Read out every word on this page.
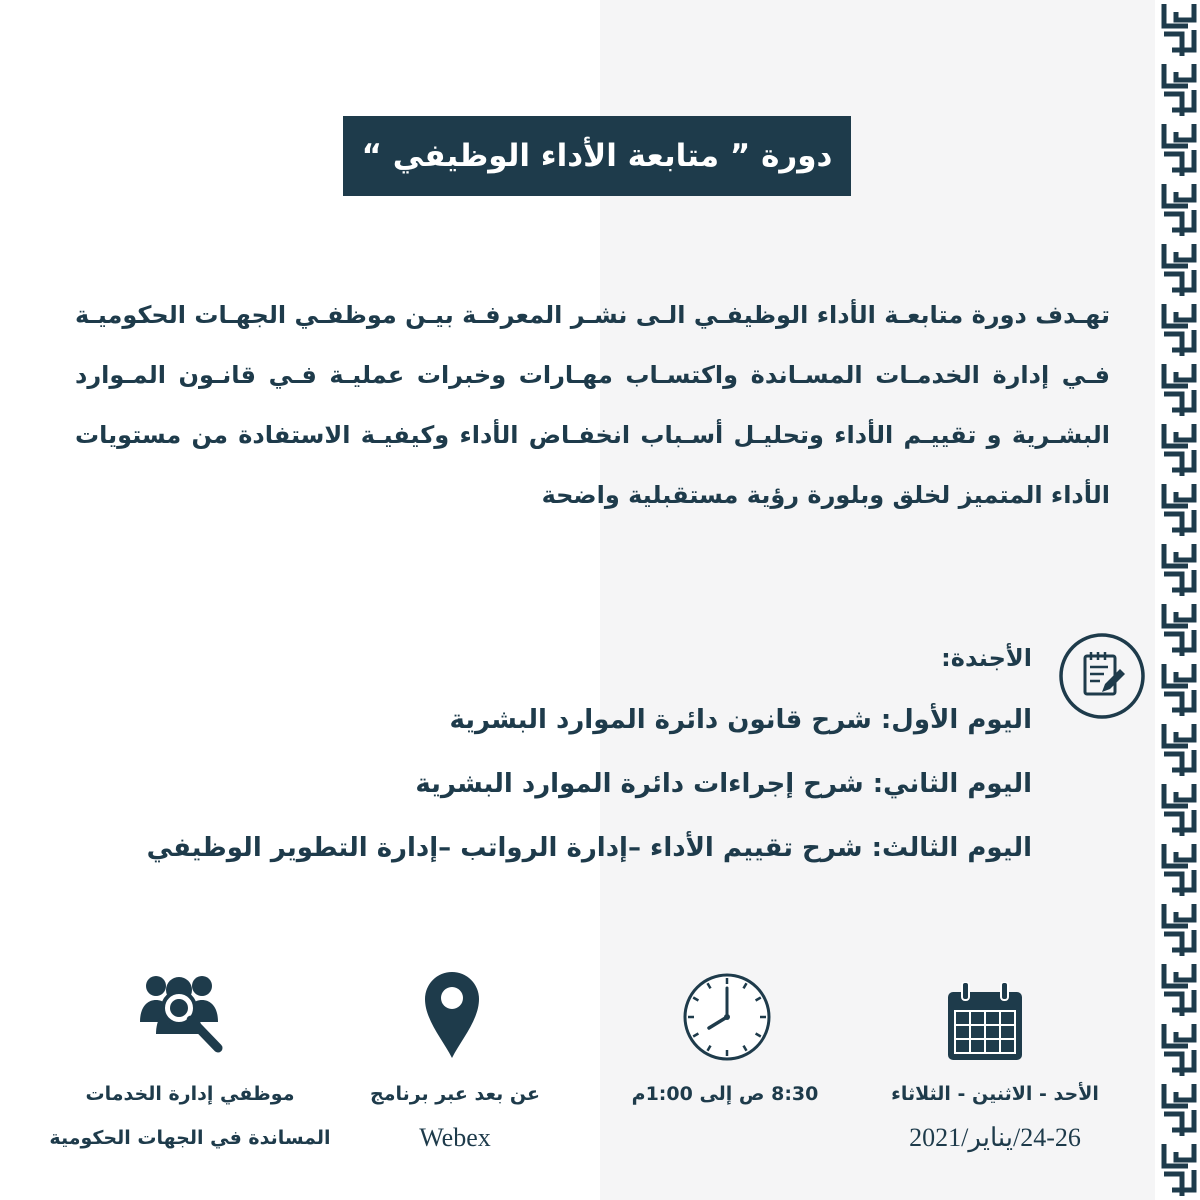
دورة ” متابعة الأداء الوظيفي “

تهـدف دورة متابعـة الأداء الوظيفـي الـى نشـر المعرفـة بيـن موظفـي الجهـات الحكوميـة فـي إدارة الخدمـات المسـاندة واكتسـاب مهـارات وخبرات عمليـة فـي قانـون المـوارد البشـرية و تقييـم الأداء وتحليـل أسـباب انخفـاض الأداء وكيفيـة الاستفادة من مستويات الأداء المتميز لخلق وبلورة رؤية مستقبلية واضحة

الأجندة:
اليوم الأول: شرح قانون دائرة الموارد البشرية
اليوم الثاني: شرح إجراءات دائرة الموارد البشرية
اليوم الثالث: شرح تقييم الأداء –إدارة الرواتب –إدارة التطوير الوظيفي
الأحد - الاثنين - الثلاثاء
24-26/يناير/2021
8:30 ص إلى 1:00م
عن بعد عبر برنامج
Webex
موظفي إدارة الخدمات
المساندة في الجهات الحكومية
